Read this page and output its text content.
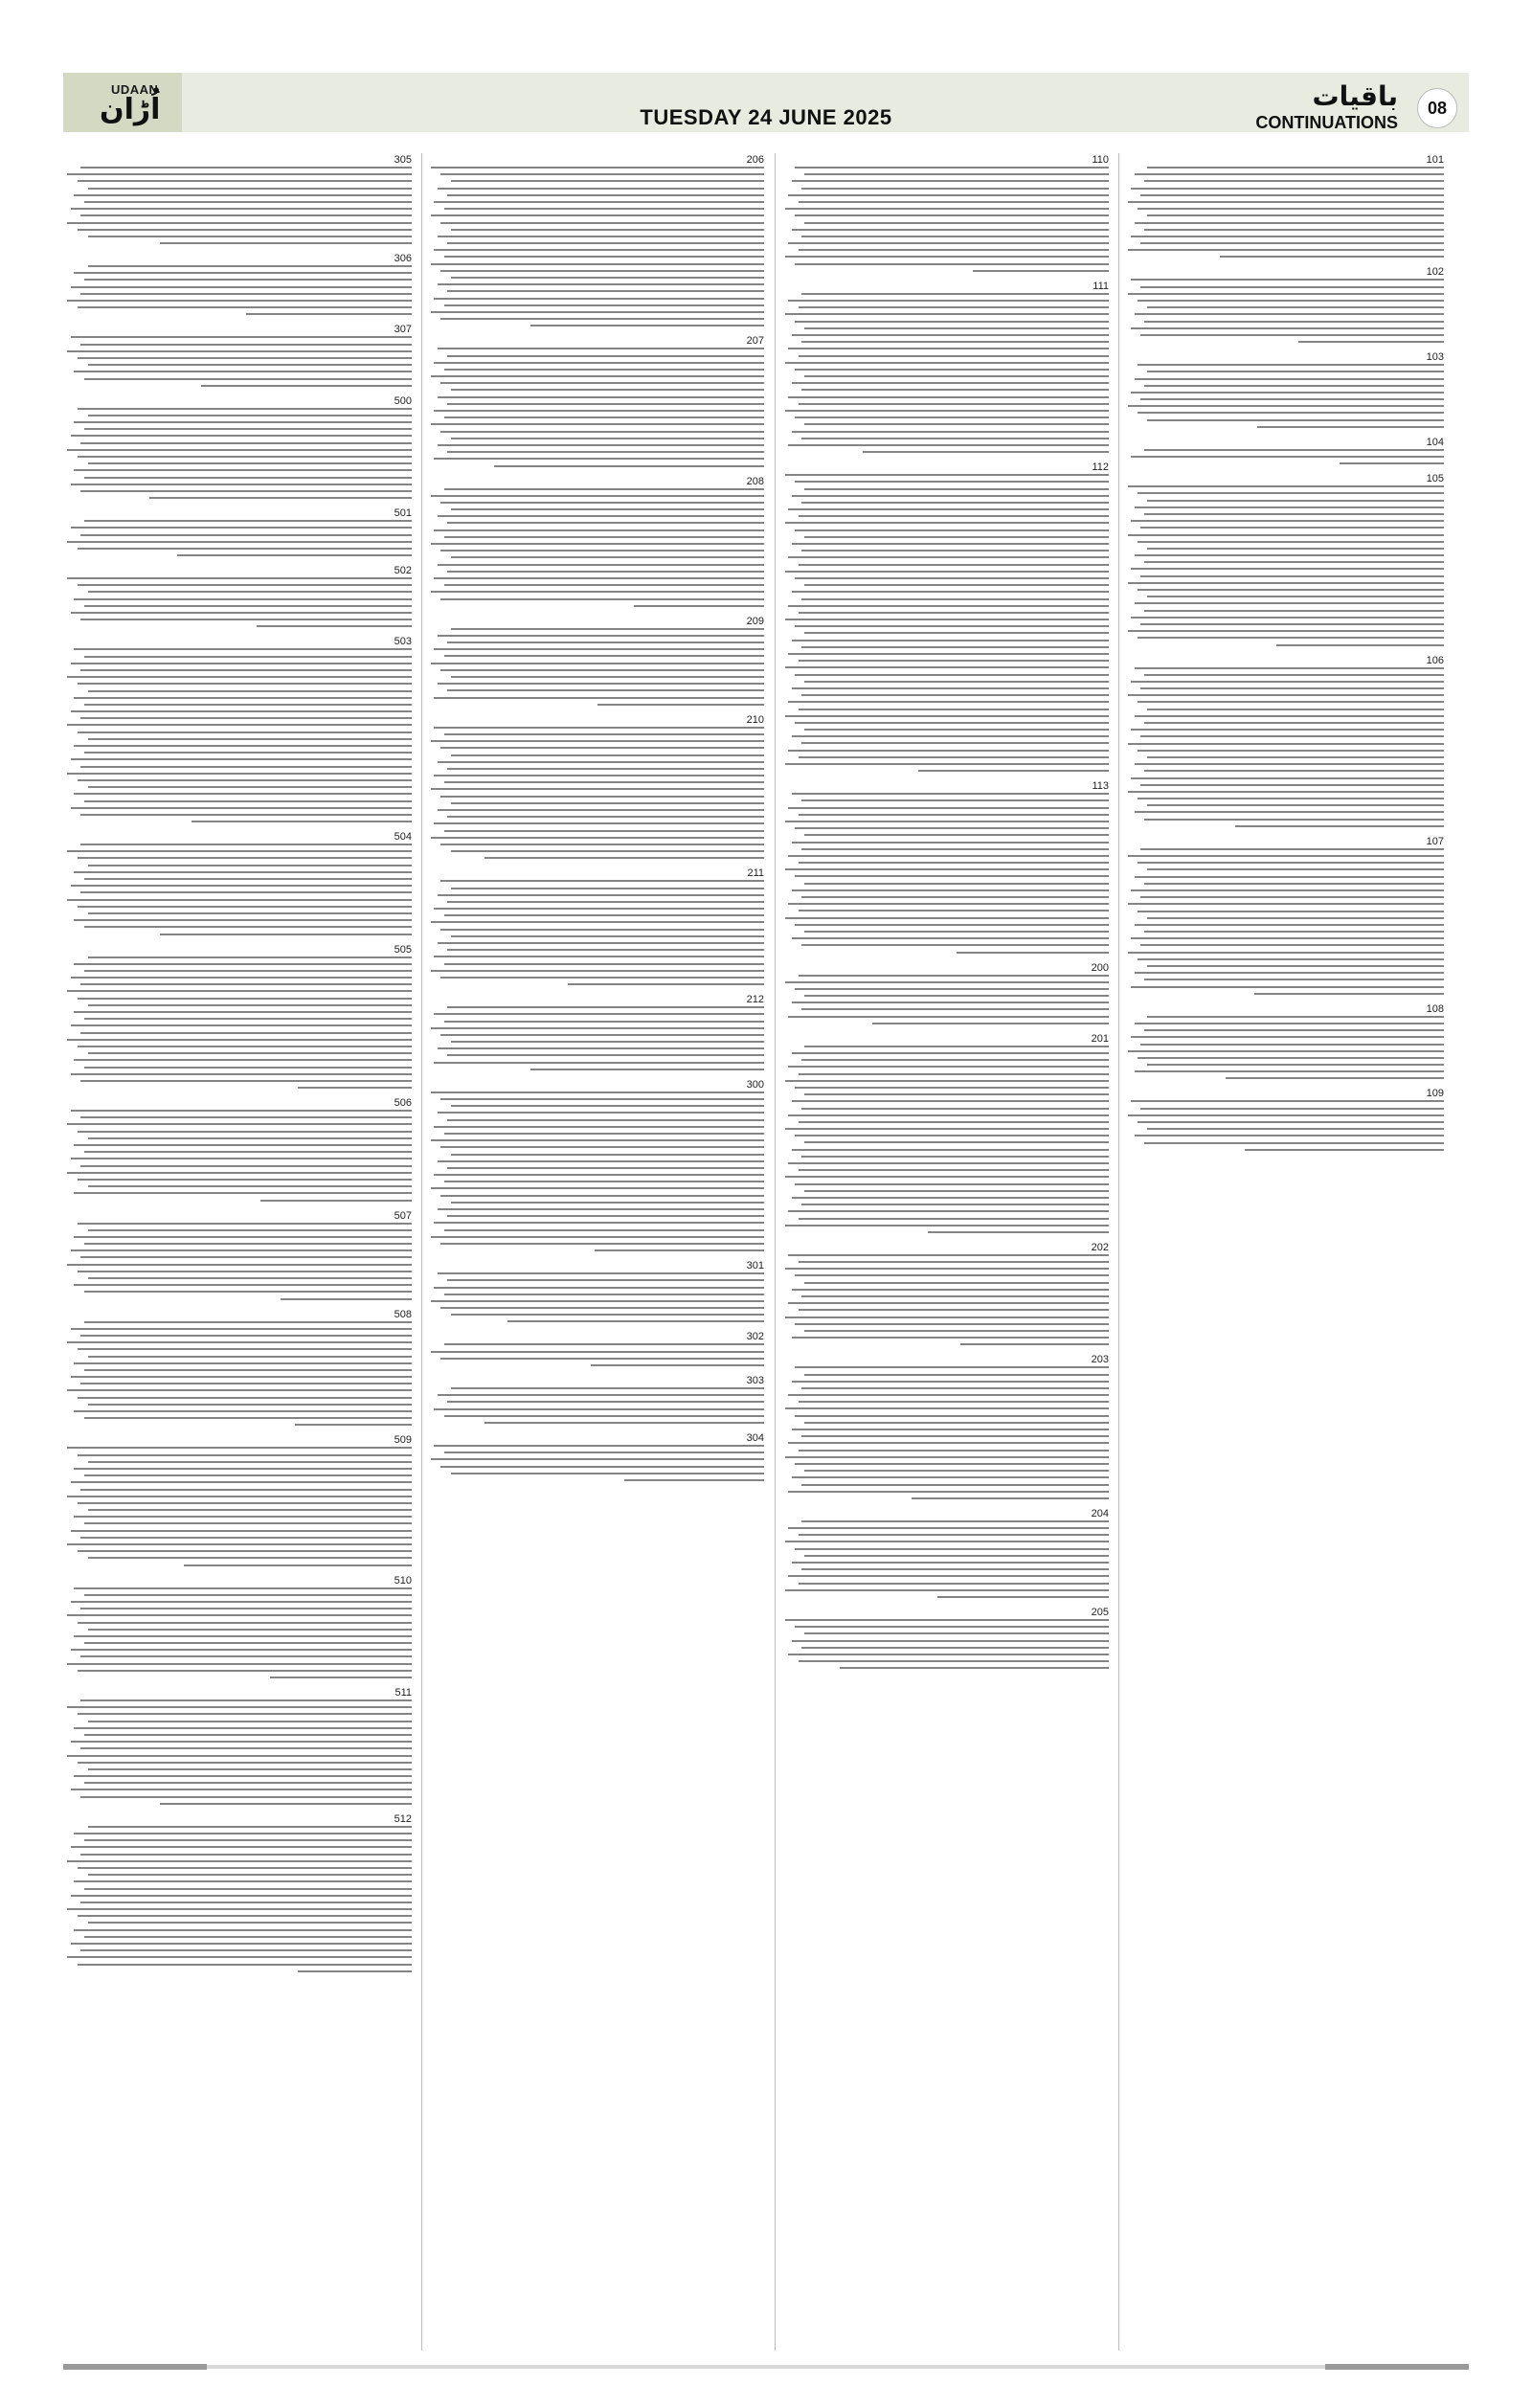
UDAAN
اُڑان	TUESDAY 24 JUNE 2025
باقیات
CONTINUATIONS
08
101
102
103
104
105
106
107
108
109
110
111
112
113
200
201
202
203
204
205
206
207
208
209
210
211
212
300
301
302
303
304
305
306
307
500
501
502
503
504
505
506
507
508
509
510
511
512
